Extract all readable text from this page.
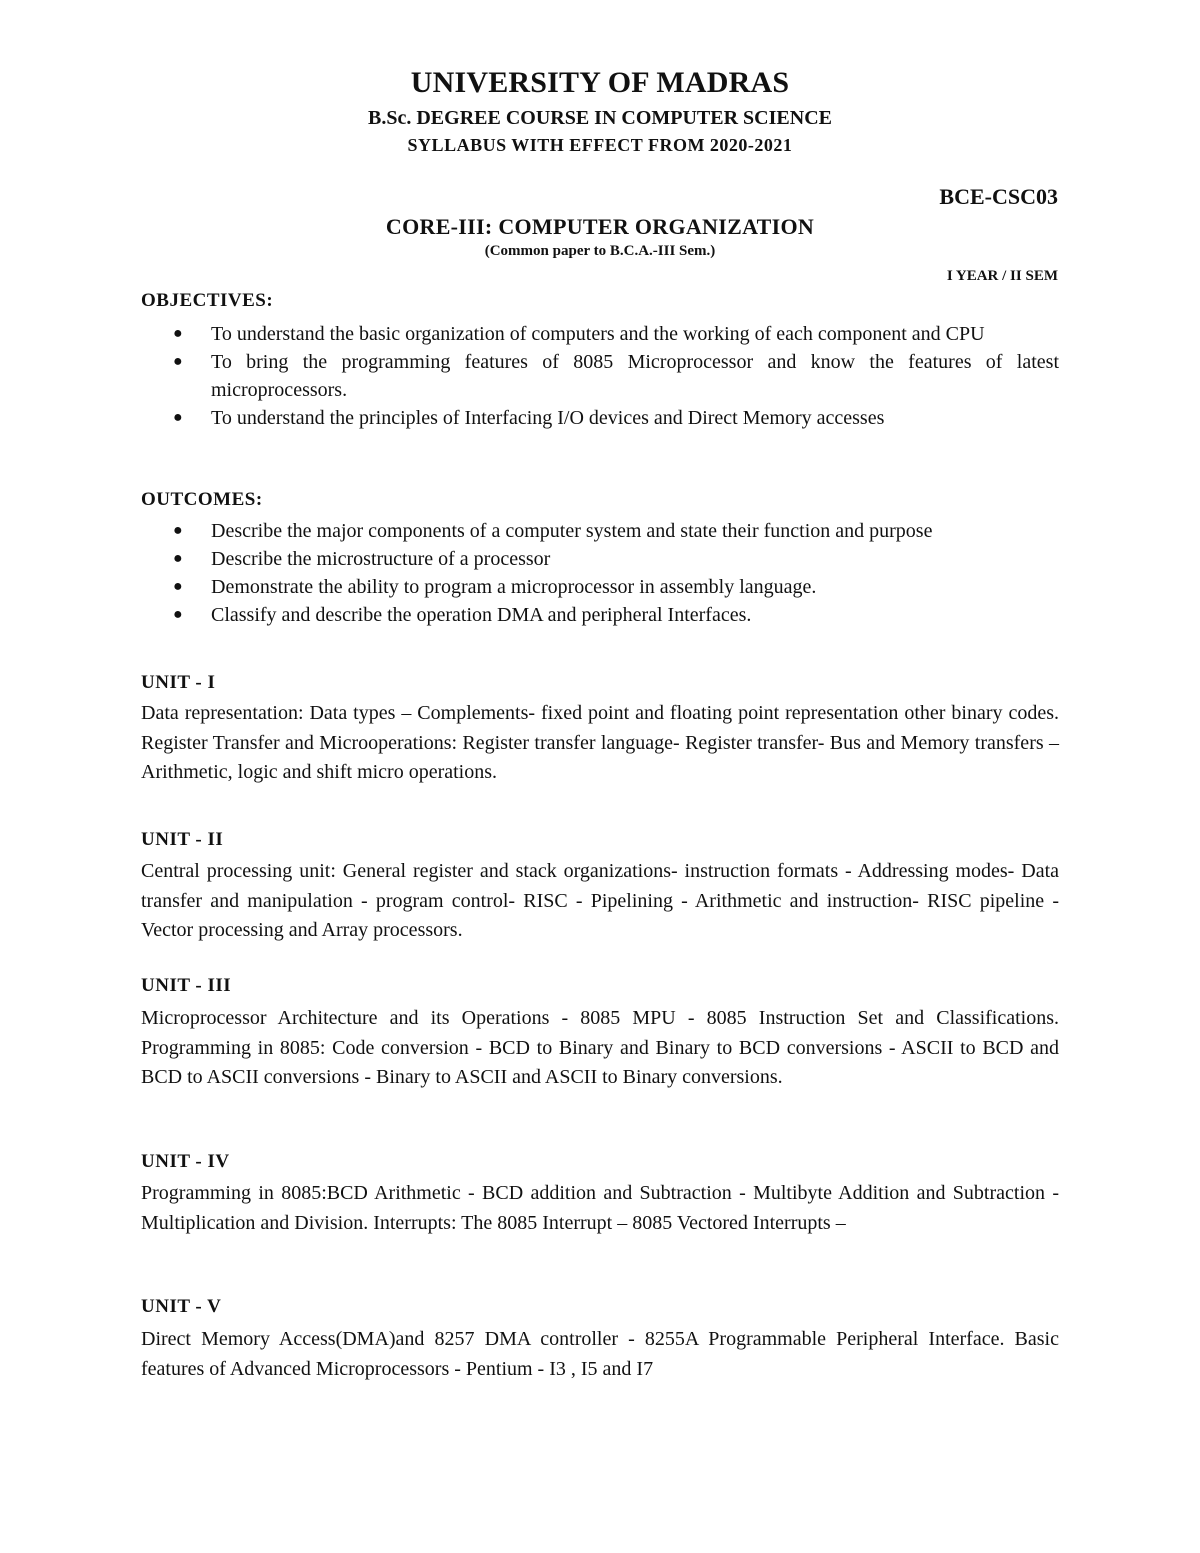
UNIVERSITY OF MADRAS
B.Sc. DEGREE COURSE IN COMPUTER SCIENCE
SYLLABUS WITH EFFECT FROM 2020-2021
BCE-CSC03
CORE-III: COMPUTER ORGANIZATION
(Common paper to B.C.A.-III Sem.)
I YEAR / II SEM
OBJECTIVES:
● To understand the basic organization of computers and the working of each component and CPU
● To bring the programming features of 8085 Microprocessor and know the features of latest microprocessors.
● To understand the principles of Interfacing I/O devices and Direct Memory accesses
OUTCOMES:
● Describe the major components of a computer system and state their function and purpose
● Describe the microstructure of a processor
● Demonstrate the ability to program a microprocessor in assembly language.
● Classify and describe the operation DMA and peripheral Interfaces.
UNIT - I
Data representation: Data types – Complements- fixed point and floating point representation other binary codes. Register Transfer and Microoperations: Register transfer language- Register transfer- Bus and Memory transfers – Arithmetic, logic and shift micro operations.
UNIT - II
Central processing unit: General register and stack organizations- instruction formats - Addressing modes- Data transfer and manipulation - program control- RISC - Pipelining - Arithmetic and instruction- RISC pipeline - Vector processing and Array processors.
UNIT - III
Microprocessor Architecture and its Operations - 8085 MPU - 8085 Instruction Set and Classifications. Programming in 8085: Code conversion - BCD to Binary and Binary to BCD conversions - ASCII to BCD and BCD to ASCII conversions - Binary to ASCII and ASCII to Binary conversions.
UNIT - IV
Programming in 8085:BCD Arithmetic - BCD addition and Subtraction - Multibyte Addition and Subtraction - Multiplication and Division. Interrupts: The 8085 Interrupt – 8085 Vectored Interrupts –
UNIT - V
Direct Memory Access(DMA)and 8257 DMA controller - 8255A Programmable Peripheral Interface. Basic features of Advanced Microprocessors - Pentium - I3 , I5 and I7
